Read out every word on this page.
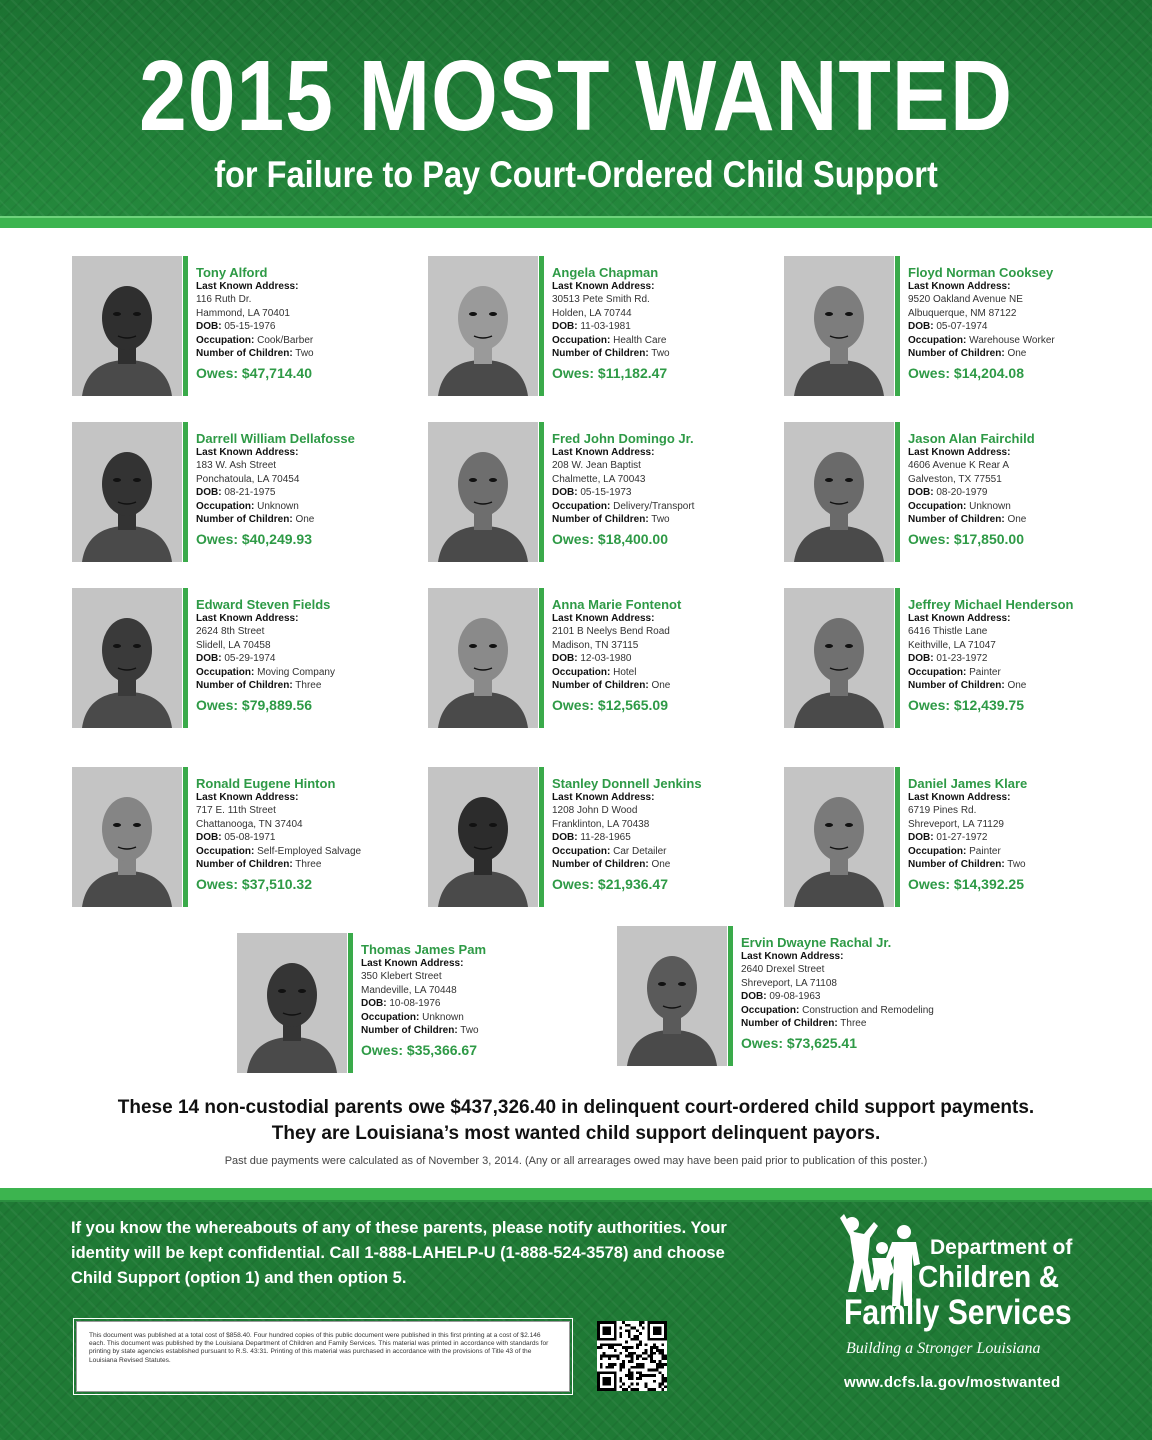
2015 MOST WANTED
for Failure to Pay Court-Ordered Child Support
Tony Alford
Last Known Address:
116 Ruth Dr.
Hammond, LA 70401
DOB: 05-15-1976
Occupation: Cook/Barber
Number of Children: Two
Owes: $47,714.40
Angela Chapman
Last Known Address:
30513 Pete Smith Rd.
Holden, LA 70744
DOB: 11-03-1981
Occupation: Health Care
Number of Children: Two
Owes: $11,182.47
Floyd Norman Cooksey
Last Known Address:
9520 Oakland Avenue NE
Albuquerque, NM 87122
DOB: 05-07-1974
Occupation: Warehouse Worker
Number of Children: One
Owes: $14,204.08
Darrell William Dellafosse
Last Known Address:
183 W. Ash Street
Ponchatoula, LA 70454
DOB: 08-21-1975
Occupation: Unknown
Number of Children: One
Owes: $40,249.93
Fred John Domingo Jr.
Last Known Address:
208 W. Jean Baptist
Chalmette, LA 70043
DOB: 05-15-1973
Occupation: Delivery/Transport
Number of Children: Two
Owes: $18,400.00
Jason Alan Fairchild
Last Known Address:
4606 Avenue K Rear A
Galveston, TX 77551
DOB: 08-20-1979
Occupation: Unknown
Number of Children: One
Owes: $17,850.00
Edward Steven Fields
Last Known Address:
2624 8th Street
Slidell, LA 70458
DOB: 05-29-1974
Occupation: Moving Company
Number of Children: Three
Owes: $79,889.56
Anna Marie Fontenot
Last Known Address:
2101 B Neelys Bend Road
Madison, TN 37115
DOB: 12-03-1980
Occupation: Hotel
Number of Children: One
Owes: $12,565.09
Jeffrey Michael Henderson
Last Known Address:
6416 Thistle Lane
Keithville, LA 71047
DOB: 01-23-1972
Occupation: Painter
Number of Children: One
Owes: $12,439.75
Ronald Eugene Hinton
Last Known Address:
717 E. 11th Street
Chattanooga, TN 37404
DOB: 05-08-1971
Occupation: Self-Employed Salvage
Number of Children: Three
Owes: $37,510.32
Stanley Donnell Jenkins
Last Known Address:
1208 John D Wood
Franklinton, LA 70438
DOB: 11-28-1965
Occupation: Car Detailer
Number of Children: One
Owes: $21,936.47
Daniel James Klare
Last Known Address:
6719 Pines Rd.
Shreveport, LA 71129
DOB: 01-27-1972
Occupation: Painter
Number of Children: Two
Owes: $14,392.25
Thomas James Pam
Last Known Address:
350 Klebert Street
Mandeville, LA 70448
DOB: 10-08-1976
Occupation: Unknown
Number of Children: Two
Owes: $35,366.67
Ervin Dwayne Rachal Jr.
Last Known Address:
2640 Drexel Street
Shreveport, LA 71108
DOB: 09-08-1963
Occupation: Construction and Remodeling
Number of Children: Three
Owes: $73,625.41
These 14 non-custodial parents owe $437,326.40 in delinquent court-ordered child support payments.
They are Louisiana’s most wanted child support delinquent payors.
Past due payments were calculated as of November 3, 2014. (Any or all arrearages owed may have been paid prior to publication of this poster.)
If you know the whereabouts of any of these parents, please notify authorities. Your identity will be kept confidential. Call 1-888-LAHELP-U (1-888-524-3578) and choose Child Support (option 1) and then option 5.
This document was published at a total cost of $858.40. Four hundred copies of this public document were published in this first printing at a cost of $2.146 each. This document was published by the Louisiana Department of Children and Family Services. This material was printed in accordance with standards for printing by state agencies established pursuant to R.S. 43:31. Printing of this material was purchased in accordance with the provisions of Title 43 of the Louisiana Revised Statutes.
Department of
Children &
Family Services
Building a Stronger Louisiana
www.dcfs.la.gov/mostwanted
